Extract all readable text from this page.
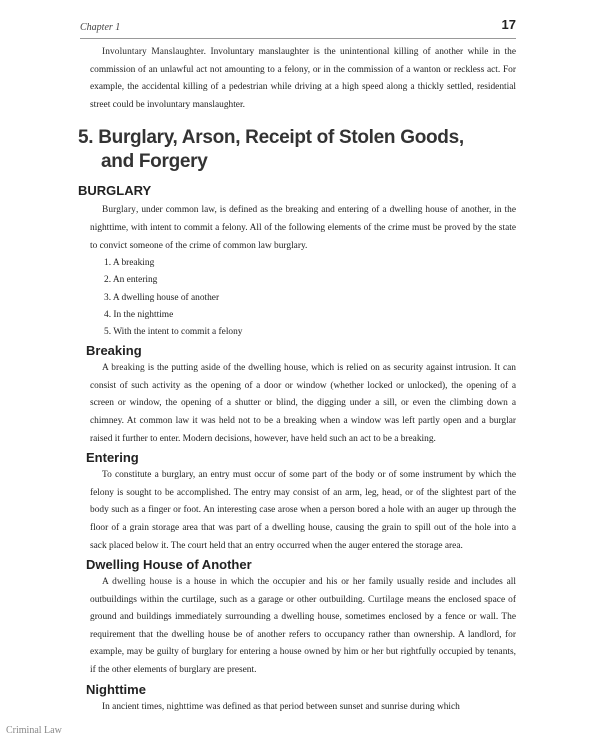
Chapter 1	17

Involuntary Manslaughter. Involuntary manslaughter is the unintentional killing of another while in the commission of an unlawful act not amounting to a felony, or in the commission of a wanton or reckless act. For example, the accidental killing of a pedestrian while driving at a high speed along a thickly settled, residential street could be involuntary manslaughter.

5. Burglary, Arson, Receipt of Stolen Goods,
and Forgery
BURGLARY

Burglary, under common law, is defined as the breaking and entering of a dwelling house of another, in the nighttime, with intent to commit a felony. All of the following elements of the crime must be proved by the state to convict someone of the crime of common law burglary.

1. A breaking
2. An entering
3. A dwelling house of another
4. In the nighttime
5. With the intent to commit a felony
Breaking

A breaking is the putting aside of the dwelling house, which is relied on as security against intrusion. It can consist of such activity as the opening of a door or window (whether locked or unlocked), the opening of a screen or window, the opening of a shutter or blind, the digging under a sill, or even the climbing down a chimney. At common law it was held not to be a breaking when a window was left partly open and a burglar raised it further to enter. Modern decisions, however, have held such an act to be a breaking.

Entering

To constitute a burglary, an entry must occur of some part of the body or of some instrument by which the felony is sought to be accomplished. The entry may consist of an arm, leg, head, or of the slightest part of the body such as a finger or foot. An interesting case arose when a person bored a hole with an auger up through the floor of a grain storage area that was part of a dwelling house, causing the grain to spill out of the hole into a sack placed below it. The court held that an entry occurred when the auger entered the storage area.

Dwelling House of Another

A dwelling house is a house in which the occupier and his or her family usually reside and includes all outbuildings within the curtilage, such as a garage or other outbuilding. Curtilage means the enclosed space of ground and buildings immediately surrounding a dwelling house, sometimes enclosed by a fence or wall. The requirement that the dwelling house be of another refers to occupancy rather than ownership. A landlord, for example, may be guilty of burglary for entering a house owned by him or her but rightfully occupied by tenants, if the other elements of burglary are present.

Nighttime

In ancient times, nighttime was defined as that period between sunset and sunrise during which

Criminal Law
